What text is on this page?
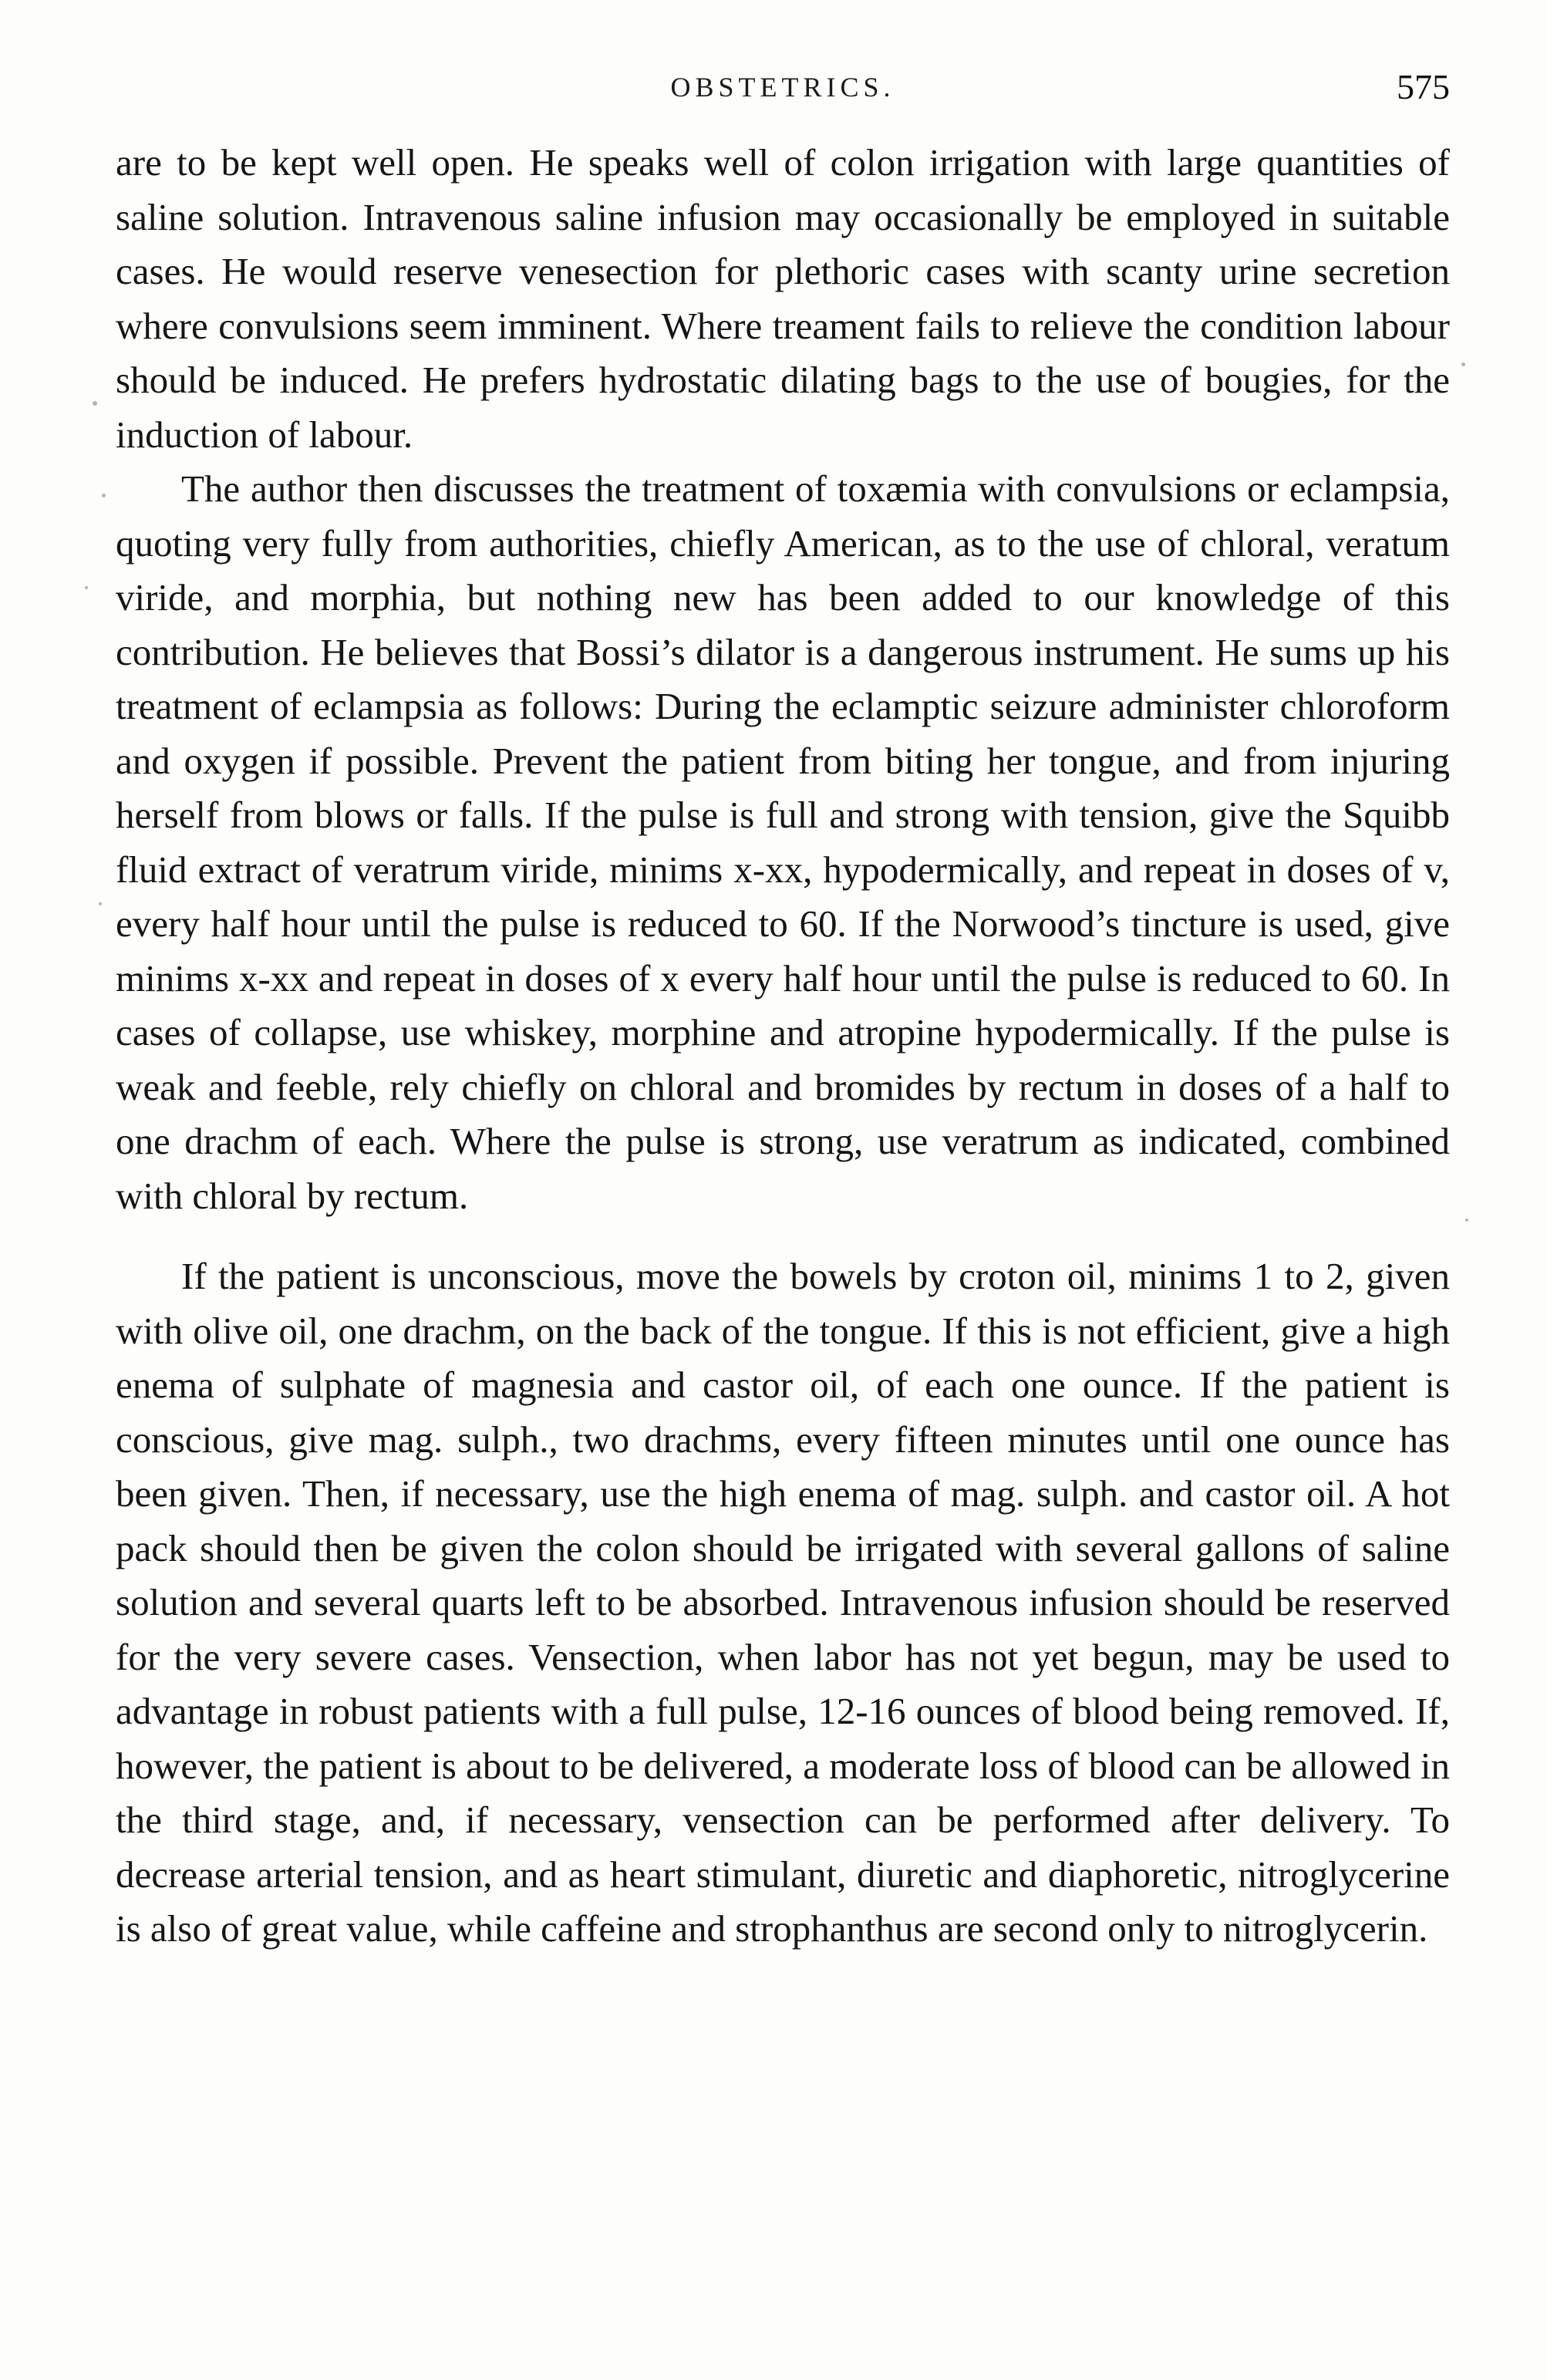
OBSTETRICS.	575

are to be kept well open. He speaks well of colon irrigation with large quantities of saline solution. Intravenous saline infusion may occasionally be employed in suitable cases. He would reserve venesection for plethoric cases with scanty urine secretion where convulsions seem imminent. Where treament fails to relieve the condition labour should be induced. He prefers hydrostatic dilating bags to the use of bougies, for the induction of labour.

The author then discusses the treatment of toxæmia with convulsions or eclampsia, quoting very fully from authorities, chiefly American, as to the use of chloral, veratum viride, and morphia, but nothing new has been added to our knowledge of this contribution. He believes that Bossi’s dilator is a dangerous instrument. He sums up his treatment of eclampsia as follows: During the eclamptic seizure administer chloroform and oxygen if possible. Prevent the patient from biting her tongue, and from injuring herself from blows or falls. If the pulse is full and strong with tension, give the Squibb fluid extract of veratrum viride, minims x-xx, hypodermically, and repeat in doses of v, every half hour until the pulse is reduced to 60. If the Norwood’s tincture is used, give minims x-xx and repeat in doses of x every half hour until the pulse is reduced to 60. In cases of collapse, use whiskey, morphine and atropine hypodermically. If the pulse is weak and feeble, rely chiefly on chloral and bromides by rectum in doses of a half to one drachm of each. Where the pulse is strong, use veratrum as indicated, combined with chloral by rectum.

If the patient is unconscious, move the bowels by croton oil, minims 1 to 2, given with olive oil, one drachm, on the back of the tongue. If this is not efficient, give a high enema of sulphate of magnesia and castor oil, of each one ounce. If the patient is conscious, give mag. sulph., two drachms, every fifteen minutes until one ounce has been given. Then, if necessary, use the high enema of mag. sulph. and castor oil. A hot pack should then be given the colon should be irrigated with several gallons of saline solution and several quarts left to be absorbed. Intravenous infusion should be reserved for the very severe cases. Vensection, when labor has not yet begun, may be used to advantage in robust patients with a full pulse, 12-16 ounces of blood being removed. If, however, the patient is about to be delivered, a moderate loss of blood can be allowed in the third stage, and, if necessary, vensection can be performed after delivery. To decrease arterial tension, and as heart stimulant, diuretic and diaphoretic, nitroglycerine is also of great value, while caffeine and strophanthus are second only to nitroglycerin.
